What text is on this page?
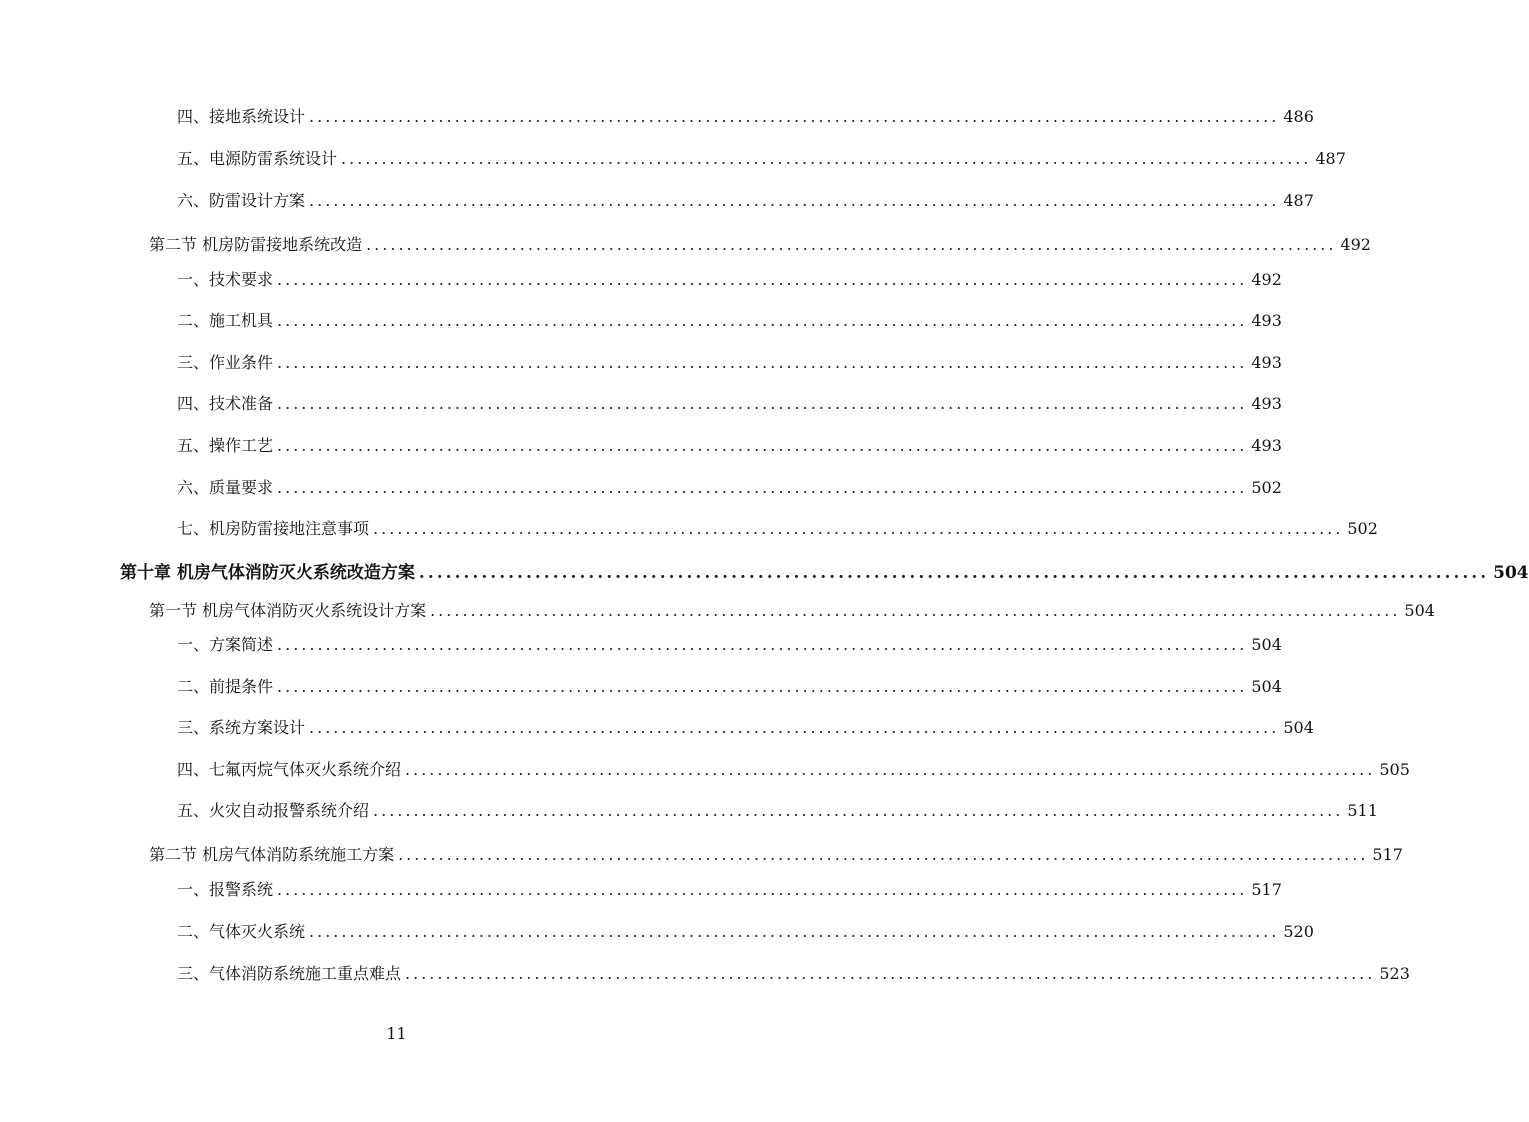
四、接地系统设计 ........................................................................................................................ 486
五、电源防雷系统设计 ........................................................................................................................ 487
六、防雷设计方案 ........................................................................................................................ 487
第二节 机房防雷接地系统改造 ........................................................................................................................ 492
一、技术要求 ........................................................................................................................ 492
二、施工机具 ........................................................................................................................ 493
三、作业条件 ........................................................................................................................ 493
四、技术准备 ........................................................................................................................ 493
五、操作工艺 ........................................................................................................................ 493
六、质量要求 ........................................................................................................................ 502
七、机房防雷接地注意事项 ........................................................................................................................ 502
第十章 机房气体消防灭火系统改造方案 ........................................................................................................................ 504
第一节 机房气体消防灭火系统设计方案 ........................................................................................................................ 504
一、方案简述 ........................................................................................................................ 504
二、前提条件 ........................................................................................................................ 504
三、系统方案设计 ........................................................................................................................ 504
四、七氟丙烷气体灭火系统介绍 ........................................................................................................................ 505
五、火灾自动报警系统介绍 ........................................................................................................................ 511
第二节 机房气体消防系统施工方案 ........................................................................................................................ 517
一、报警系统 ........................................................................................................................ 517
二、气体灭火系统 ........................................................................................................................ 520
三、气体消防系统施工重点难点 ........................................................................................................................ 523
11
